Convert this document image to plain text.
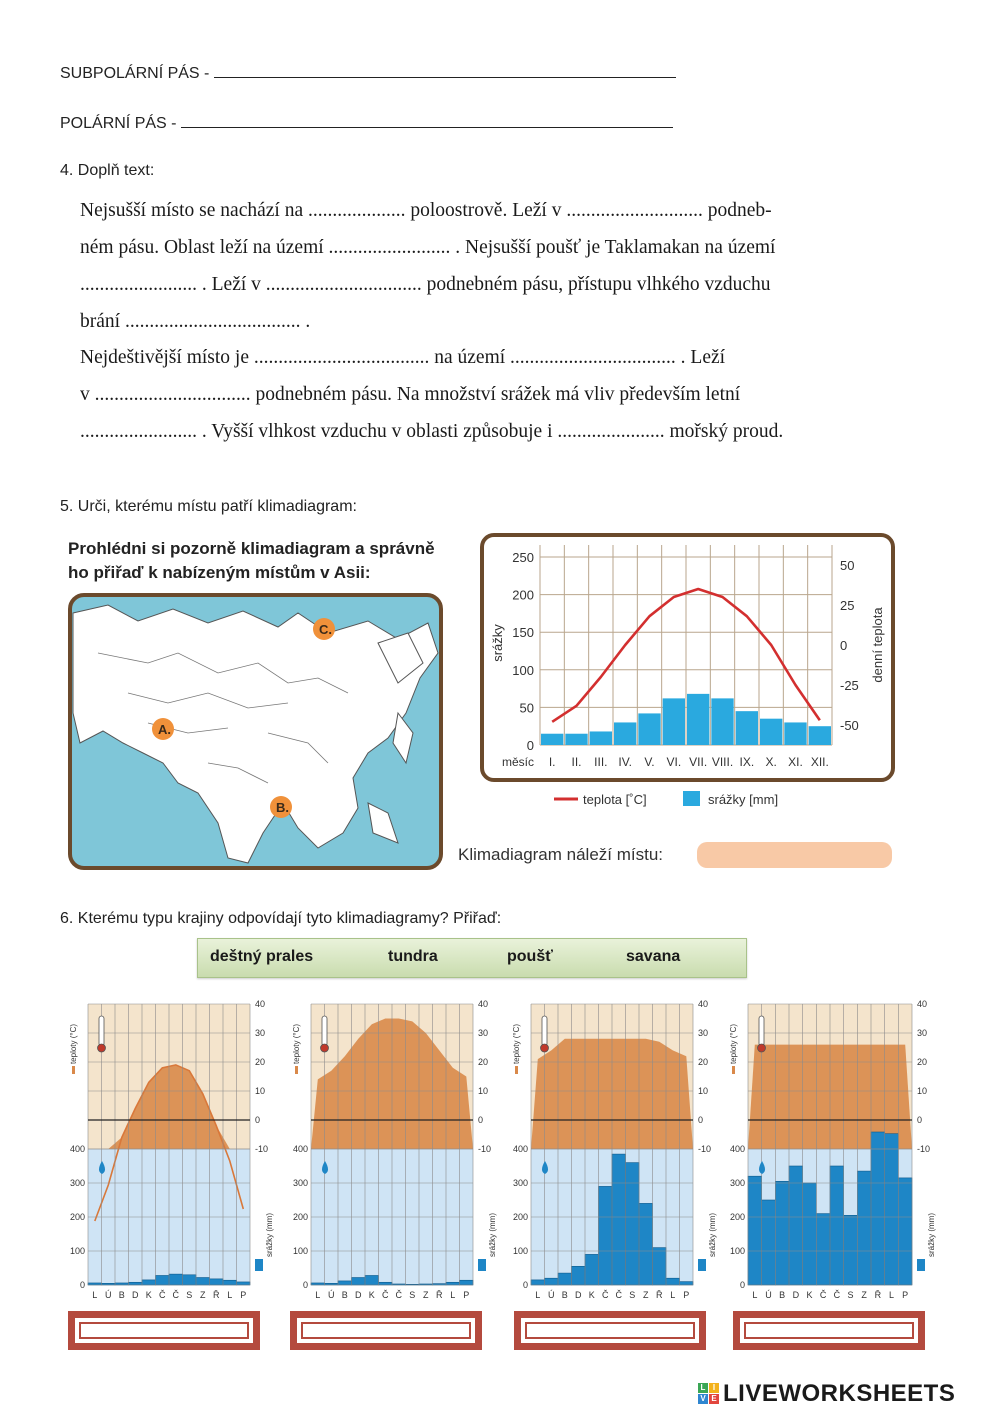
SUBPOLÁRNÍ PÁS -
POLÁRNÍ PÁS -
4. Doplň text:
Nejsušší místo se nachází na .................... poloostrově. Leží v ............................ podneb-
ném pásu. Oblast leží na území ......................... . Nejsušší poušť je Taklamakan na území
........................ . Leží v ................................ podnebném pásu, přístupu vlhkého vzduchu
brání .................................... .
Nejdeštivější místo je .................................... na území .................................. . Leží
v ................................ podnebném pásu. Na množství srážek má vliv především letní
........................ . Vyšší vlhkost vzduchu v oblasti způsobuje i ...................... mořský proud.
5. Urči, kterému místu patří klimadiagram:
Prohlédni si pozorně klimadiagram a správně
ho přiřaď k nabízeným místům v Asii:
A.
B.
C.
250
200
150
100
50
0
50
25
0
-25
-50
srážky	denní teplota
měsíc I. II. III. IV. V. VI. VII. VIII. IX. X. XI. XII.
teplota [˚C]	srážky [mm]
Klimadiagram náleží místu:
6. Kterému typu krajiny odpovídají tyto klimadiagramy? Přiřaď:
deštný prales	tundra	poušť	savana
40
30
20
10
0
-10
400
300
200
100
0
L Ú B D K Č Č S Z Ř L P
teploty (°C)
srážky (mm)
40
30
20
10
0
-10
400
300
200
100
0
L Ú B D K Č Č S Z Ř L P
teploty (°C)
srážky (mm)
40
30
20
10
0
-10
400
300
200
100
0
L Ú B D K Č Č S Z Ř L P
teploty (°C)
srážky (mm)
40
30
20
10
0
-10
400
300
200
100
0
L Ú B D K Č Č S Z Ř L P
teploty (°C)
srážky (mm)
L I
V E LIVEWORKSHEETS
